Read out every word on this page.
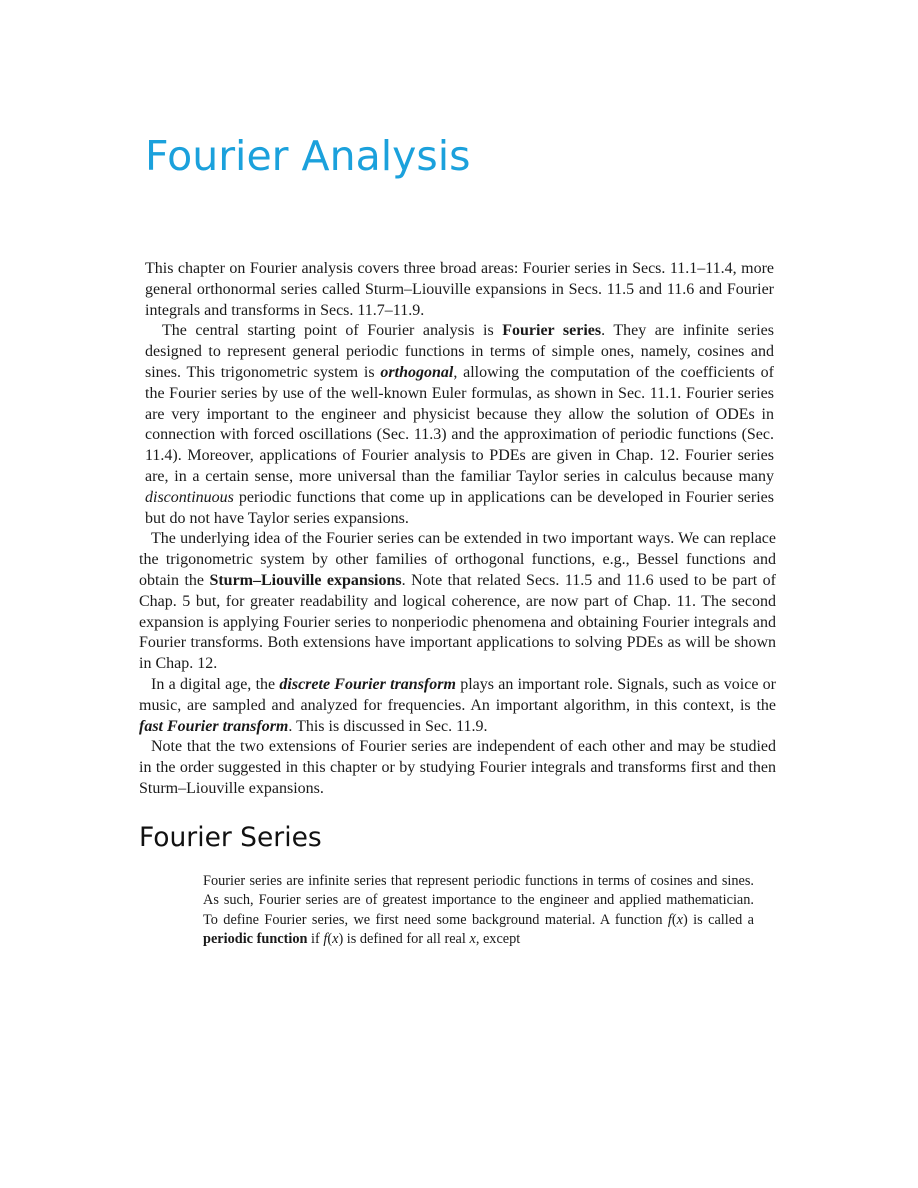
Fourier Analysis

This chapter on Fourier analysis covers three broad areas: Fourier series in Secs. 11.1–11.4, more general orthonormal series called Sturm–Liouville expansions in Secs. 11.5 and 11.6 and Fourier integrals and transforms in Secs. 11.7–11.9.

The central starting point of Fourier analysis is Fourier series. They are infinite series designed to represent general periodic functions in terms of simple ones, namely, cosines and sines. This trigonometric system is orthogonal, allowing the computation of the coefficients of the Fourier series by use of the well-known Euler formulas, as shown in Sec. 11.1. Fourier series are very important to the engineer and physicist because they allow the solution of ODEs in connection with forced oscillations (Sec. 11.3) and the approximation of periodic functions (Sec. 11.4). Moreover, applications of Fourier analysis to PDEs are given in Chap. 12. Fourier series are, in a certain sense, more universal than the familiar Taylor series in calculus because many discontinuous periodic functions that come up in applications can be developed in Fourier series but do not have Taylor series expansions.

The underlying idea of the Fourier series can be extended in two important ways. We can replace the trigonometric system by other families of orthogonal functions, e.g., Bessel functions and obtain the Sturm–Liouville expansions. Note that related Secs. 11.5 and 11.6 used to be part of Chap. 5 but, for greater readability and logical coherence, are now part of Chap. 11. The second expansion is applying Fourier series to nonperiodic phenomena and obtaining Fourier integrals and Fourier transforms. Both extensions have important applications to solving PDEs as will be shown in Chap. 12.

In a digital age, the discrete Fourier transform plays an important role. Signals, such as voice or music, are sampled and analyzed for frequencies. An important algorithm, in this context, is the fast Fourier transform. This is discussed in Sec. 11.9.

Note that the two extensions of Fourier series are independent of each other and may be studied in the order suggested in this chapter or by studying Fourier integrals and transforms first and then Sturm–Liouville expansions.

Fourier Series

Fourier series are infinite series that represent periodic functions in terms of cosines and sines. As such, Fourier series are of greatest importance to the engineer and applied mathematician. To define Fourier series, we first need some background material. A function f(x) is called a periodic function if f(x) is defined for all real x, except
